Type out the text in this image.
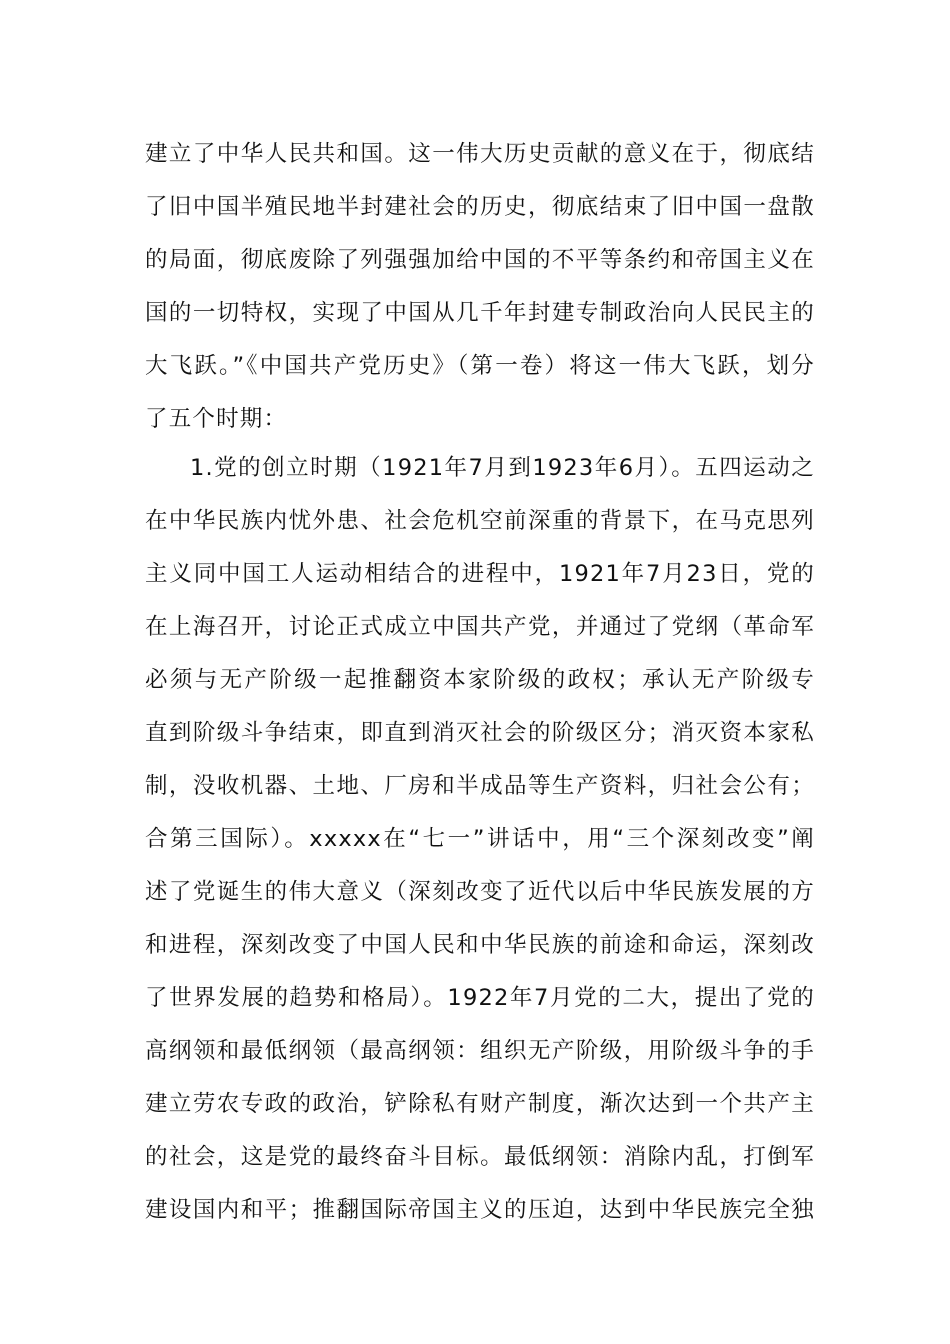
建立了中华人民共和国。这一伟大历史贡献的意义在于，彻底结
了旧中国半殖民地半封建社会的历史，彻底结束了旧中国一盘散
的局面，彻底废除了列强强加给中国的不平等条约和帝国主义在
国的一切特权，实现了中国从几千年封建专制政治向人民民主的
大飞跃。”《中国共产党历史》（第一卷）将这一伟大飞跃，划分
了五个时期：
1.党的创立时期（1921年7月到1923年6月）。五四运动之
在中华民族内忧外患、社会危机空前深重的背景下，在马克思列
主义同中国工人运动相结合的进程中，1921年7月23日，党的
在上海召开，讨论正式成立中国共产党，并通过了党纲（革命军
必须与无产阶级一起推翻资本家阶级的政权；承认无产阶级专
直到阶级斗争结束，即直到消灭社会的阶级区分；消灭资本家私
制，没收机器、土地、厂房和半成品等生产资料，归社会公有；
合第三国际）。xxxxx在“七一”讲话中，用“三个深刻改变”阐
述了党诞生的伟大意义（深刻改变了近代以后中华民族发展的方
和进程，深刻改变了中国人民和中华民族的前途和命运，深刻改
了世界发展的趋势和格局）。1922年7月党的二大，提出了党的
高纲领和最低纲领（最高纲领：组织无产阶级，用阶级斗争的手
建立劳农专政的政治，铲除私有财产制度，渐次达到一个共产主
的社会，这是党的最终奋斗目标。最低纲领：消除内乱，打倒军
建设国内和平；推翻国际帝国主义的压迫，达到中华民族完全独
